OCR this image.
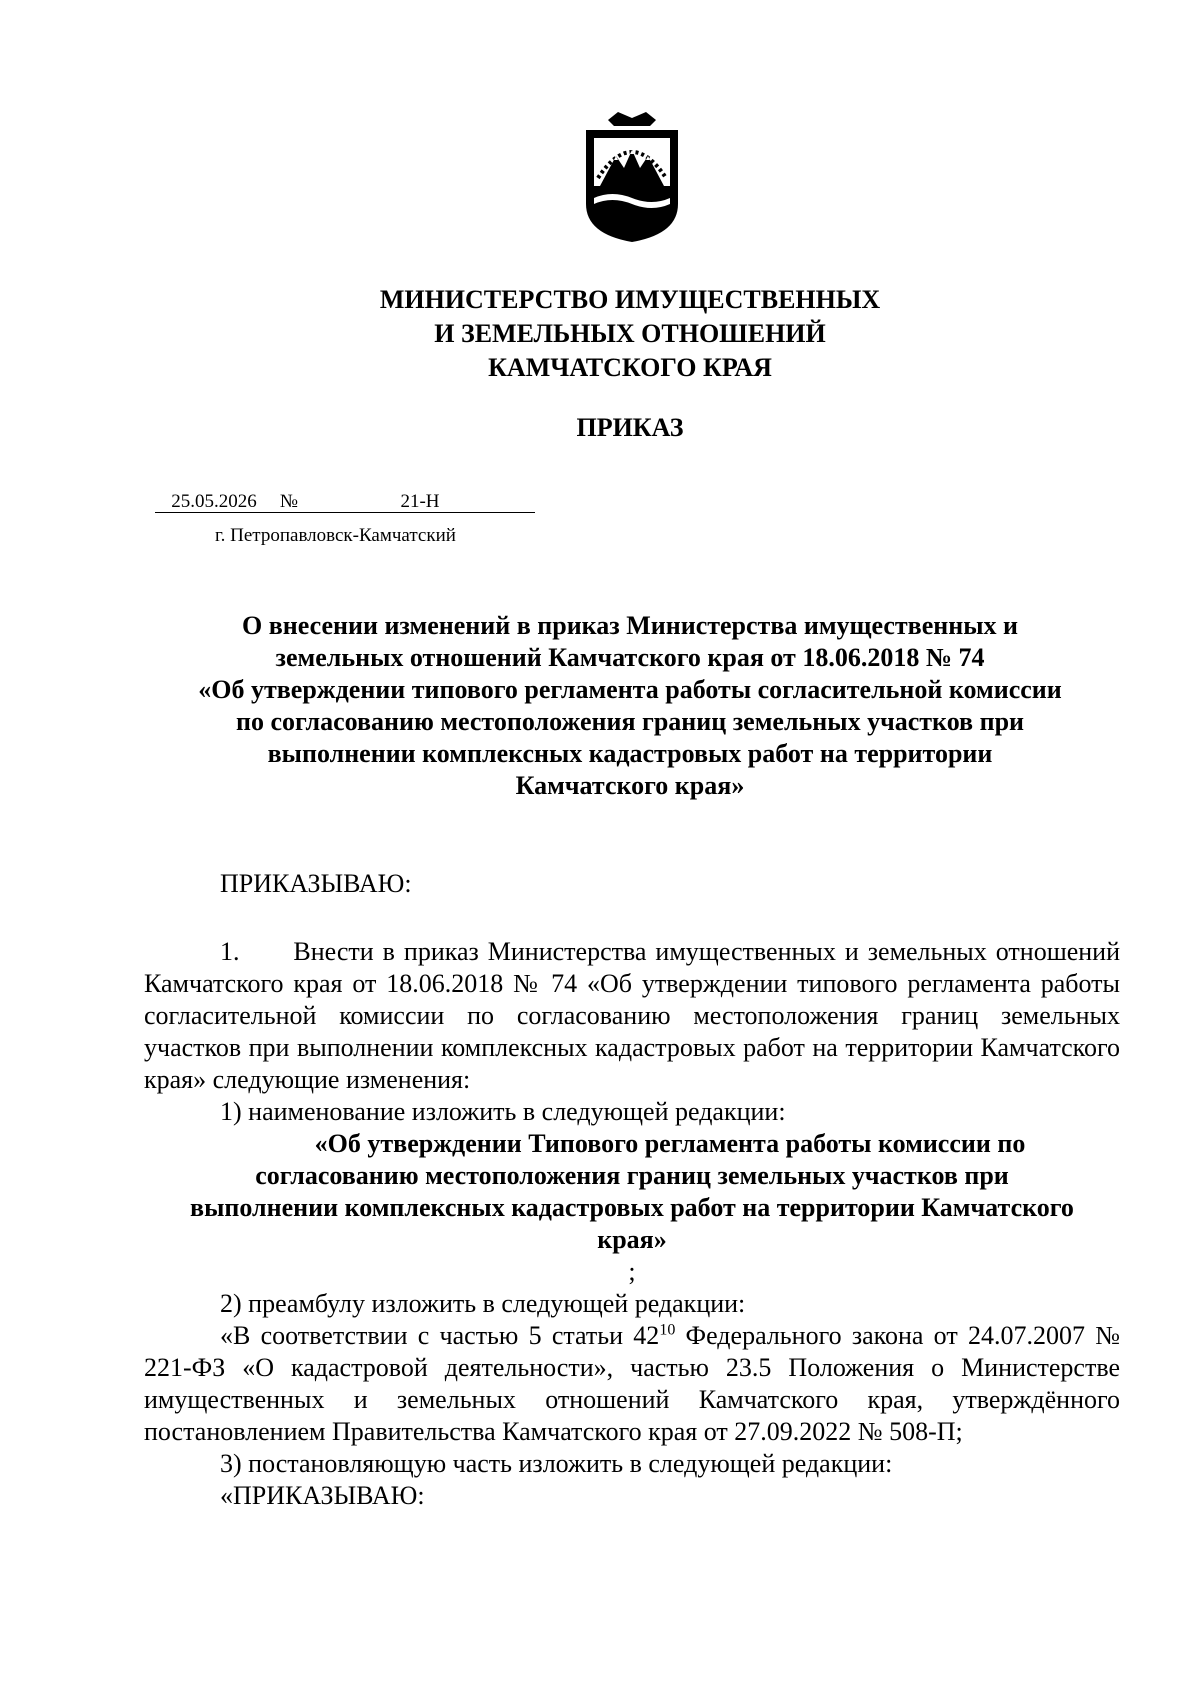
МИНИСТЕРСТВО ИМУЩЕСТВЕННЫХ
И ЗЕМЕЛЬНЫХ ОТНОШЕНИЙ
КАМЧАТСКОГО КРАЯ
ПРИКАЗ
25.05.2026 №	21-Н
г. Петропавловск-Камчатский
О внесении изменений в приказ Министерства имущественных и
земельных отношений Камчатского края от 18.06.2018 № 74
«Об утверждении типового регламента работы согласительной комиссии
по согласованию местоположения границ земельных участков при
выполнении комплексных кадастровых работ на территории
Камчатского края»

ПРИКАЗЫВАЮ:

1. Внести в приказ Министерства имущественных и земельных отношений Камчатского края от 18.06.2018 № 74 «Об утверждении типового регламента работы согласительной комиссии по согласованию местоположения границ земельных участков при выполнении комплексных кадастровых работ на территории Камчатского края» следующие изменения:

1) наименование изложить в следующей редакции:

«Об утверждении Типового регламента работы комиссии по
согласованию местоположения границ земельных участков при
выполнении комплексных кадастровых работ на территории Камчатского
края»
;

2) преамбулу изложить в следующей редакции:

«В соответствии с частью 5 статьи $42^{10}$ Федерального закона от 24.07.2007 № 221-ФЗ «О кадастровой деятельности», частью 23.5 Положения о Министерстве имущественных и земельных отношений Камчатского края, утверждённого постановлением Правительства Камчатского края от 27.09.2022 № 508-П;

3) постановляющую часть изложить в следующей редакции:

«ПРИКАЗЫВАЮ:
